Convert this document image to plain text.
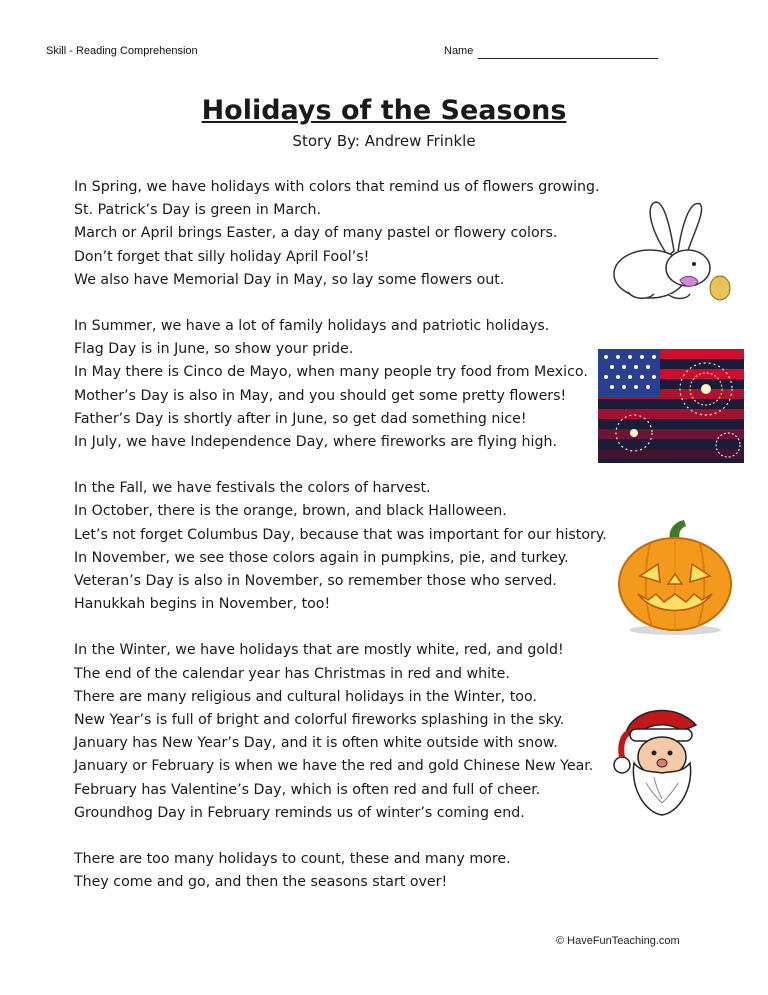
Skill - Reading Comprehension	Name
Holidays of the Seasons
Story By: Andrew Frinkle

In Spring, we have holidays with colors that remind us of flowers growing.
St. Patrick’s Day is green in March.
March or April brings Easter, a day of many pastel or flowery colors.
Don’t forget that silly holiday April Fool’s!
We also have Memorial Day in May, so lay some flowers out.

In Summer, we have a lot of family holidays and patriotic holidays.
Flag Day is in June, so show your pride.
In May there is Cinco de Mayo, when many people try food from Mexico.
Mother’s Day is also in May, and you should get some pretty flowers!
Father’s Day is shortly after in June, so get dad something nice!
In July, we have Independence Day, where fireworks are flying high.

In the Fall, we have festivals the colors of harvest.
In October, there is the orange, brown, and black Halloween.
Let’s not forget Columbus Day, because that was important for our history.
In November, we see those colors again in pumpkins, pie, and turkey.
Veteran’s Day is also in November, so remember those who served.
Hanukkah begins in November, too!

In the Winter, we have holidays that are mostly white, red, and gold!
The end of the calendar year has Christmas in red and white.
There are many religious and cultural holidays in the Winter, too.
New Year’s is full of bright and colorful fireworks splashing in the sky.
January has New Year’s Day, and it is often white outside with snow.
January or February is when we have the red and gold Chinese New Year.
February has Valentine’s Day, which is often red and full of cheer.
Groundhog Day in February reminds us of winter’s coming end.

There are too many holidays to count, these and many more.
They come and go, and then the seasons start over!

© HaveFunTeaching.com
